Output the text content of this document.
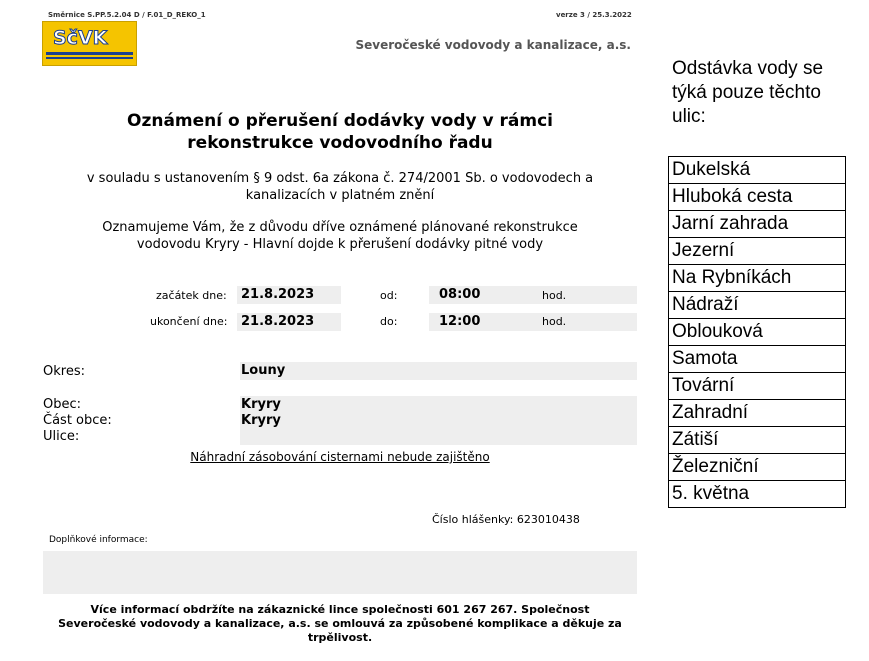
Směrnice S.PP.5.2.04 D / F.01_D_REKO_1	verze 3 / 25.3.2022
SčVK	Severočeské vodovody a kanalizace, a.s.
Oznámení o přerušení dodávky vody v rámci
rekonstrukce vodovodního řadu
v souladu s ustanovením § 9 odst. 6a zákona č. 274/2001 Sb. o vodovodech a
kanalizacích v platném znění
Oznamujeme Vám, že z důvodu dříve oznámené plánované rekonstrukce
vodovodu Kryry - Hlavní dojde k přerušení dodávky pitné vody
začátek dne: 21.8.2023	od:	08:00	hod.
ukončení dne: 21.8.2023	do:	12:00	hod.
Okres:	Louny
Obec:	Kryry
Část obce:	Kryry
Ulice:
Náhradní zásobování cisternami nebude zajištěno
Číslo hlášenky: 623010438
Doplňkové informace:
Více informací obdržíte na zákaznické lince společnosti 601 267 267. Společnost
Severočeské vodovody a kanalizace, a.s. se omlouvá za způsobené komplikace a děkuje za
trpělivost.
Odstávka vody se
týká pouze těchto
ulic:
Dukelská
Hluboká cesta
Jarní zahrada
Jezerní
Na Rybníkách
Nádraží
Oblouková
Samota
Tovární
Zahradní
Zátiší
Železniční
5. května
